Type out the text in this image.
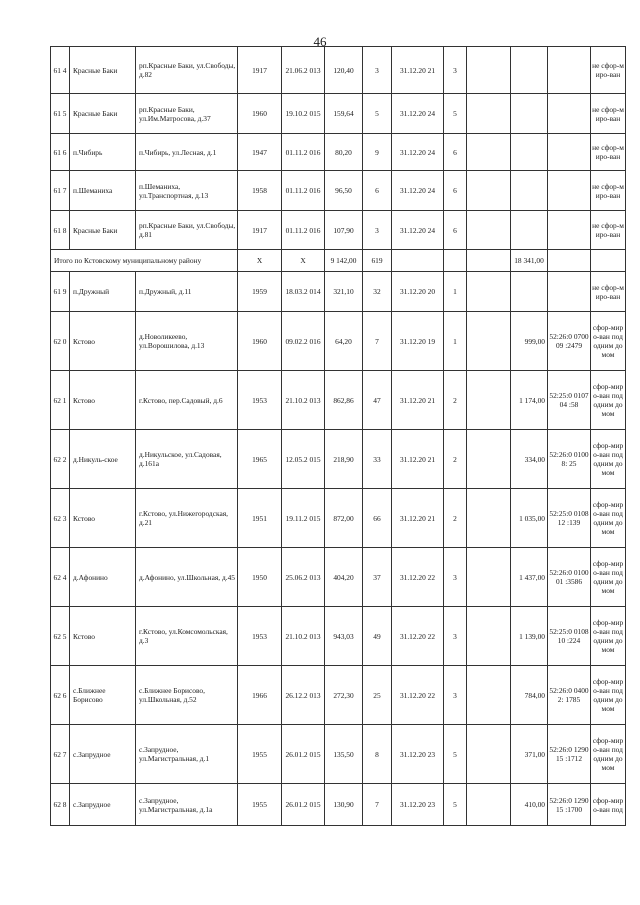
46
61 4	Красные Баки	рп.Красные Баки, ул.Свободы, д.82	1917	21.06.2 013	120,40	3	31.12.20 21	3				не сфор-миро-ван
61 5	Красные Баки	рп.Красные Баки, ул.Им.Матросова, д.37	1960	19.10.2 015	159,64	5	31.12.20 24	5				не сфор-миро-ван
61 6	п.Чибирь	п.Чибирь, ул.Лесная, д.1	1947	01.11.2 016	80,20	9	31.12.20 24	6				не сфор-миро-ван
61 7	п.Шеманиха	п.Шеманиха, ул.Транспортная, д.13	1958	01.11.2 016	96,50	6	31.12.20 24	6				не сфор-миро-ван
61 8	Красные Баки	рп.Красные Баки, ул.Свободы, д.81	1917	01.11.2 016	107,90	3	31.12.20 24	6				не сфор-миро-ван
Итого по Кстовскому муниципальному району			Х	Х	9 142,00	619				18 341,00		
61 9	п.Дружный	п.Дружный, д.11	1959	18.03.2 014	321,10	32	31.12.20 20	1				не сфор-миро-ван
62 0	Кстово	д.Новоликеево, ул.Ворошилова, д.13	1960	09.02.2 016	64,20	7	31.12.20 19	1		999,00	52:26:0 070009 :2479	сфор-миро-ван под одним домом
62 1	Кстово	г.Кстово, пер.Садовый, д.6	1953	21.10.2 013	862,86	47	31.12.20 21	2		1 174,00	52:25:0 010704 :58	сфор-миро-ван под одним домом
62 2	д.Никуль-ское	д.Никульское, ул.Садовая, д.161а	1965	12.05.2 015	218,90	33	31.12.20 21	2		334,00	52:26:0 01008: 25	сфор-миро-ван под одним домом
62 3	Кстово	г.Кстово, ул.Нижегородская, д.21	1951	19.11.2 015	872,00	66	31.12.20 21	2		1 035,00	52:25:0 010812 :139	сфор-миро-ван под одним домом
62 4	д.Афонино	д.Афонино, ул.Школьная, д.45	1950	25.06.2 013	404,20	37	31.12.20 22	3		1 437,00	52:26:0 010001 :3586	сфор-миро-ван под одним домом
62 5	Кстово	г.Кстово, ул.Комсомольская, д.3	1953	21.10.2 013	943,03	49	31.12.20 22	3		1 139,00	52:25:0 010810 :224	сфор-миро-ван под одним домом
62 6	с.Ближнее Борисово	с.Ближнее Борисово, ул.Школьная, д.52	1966	26.12.2 013	272,30	25	31.12.20 22	3		784,00	52:26:0 04002: 1785	сфор-миро-ван под одним домом
62 7	с.Запрудное	с.Запрудное, ул.Магистральная, д.1	1955	26.01.2 015	135,50	8	31.12.20 23	5		371,00	52:26:0 129015 :1712	сфор-миро-ван под одним домом
62 8	с.Запрудное	с.Запрудное, ул.Магистральная, д.1а	1955	26.01.2 015	130,90	7	31.12.20 23	5		410,00	52:26:0 129015 :1700	сфор-миро-ван под
